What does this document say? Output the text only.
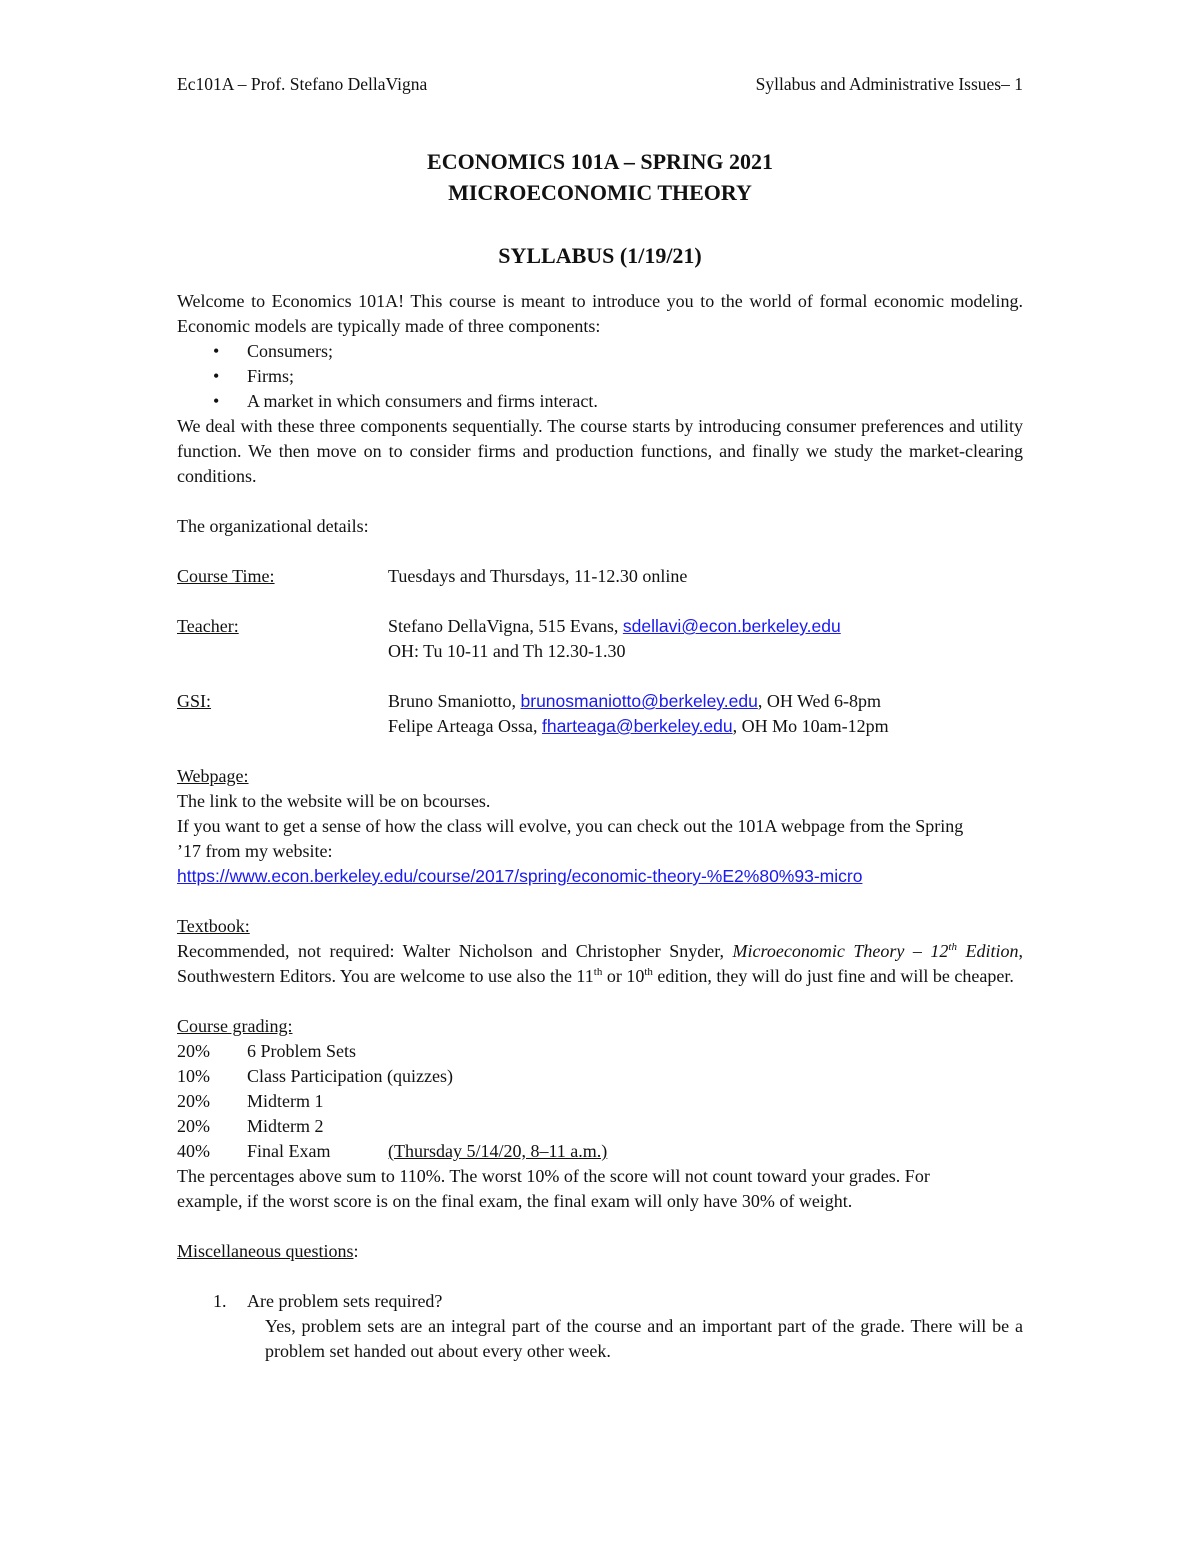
Ec101A – Prof. Stefano DellaVigna	Syllabus and Administrative Issues– 1
ECONOMICS 101A – SPRING 2021
MICROECONOMIC THEORY
SYLLABUS (1/19/21)

Welcome to Economics 101A! This course is meant to introduce you to the world of formal economic modeling. Economic models are typically made of three components:

• Consumers;
• Firms;
• A market in which consumers and firms interact.

We deal with these three components sequentially. The course starts by introducing consumer preferences and utility function. We then move on to consider firms and production functions, and finally we study the market-clearing conditions.

The organizational details:

Course Time:	Tuesdays and Thursdays, 11-12.30 online
Teacher:	Stefano DellaVigna, 515 Evans, sdellavi@econ.berkeley.edu
OH: Tu 10-11 and Th 12.30-1.30
GSI:	Bruno Smaniotto, brunosmaniotto@berkeley.edu, OH Wed 6-8pm
Felipe Arteaga Ossa, fharteaga@berkeley.edu, OH Mo 10am-12pm

Webpage:

The link to the website will be on bcourses.

If you want to get a sense of how the class will evolve, you can check out the 101A webpage from the Spring ’17 from my website:

https://www.econ.berkeley.edu/course/2017/spring/economic-theory-%E2%80%93-micro

Textbook:

Recommended, not required: Walter Nicholson and Christopher Snyder, Microeconomic Theory – 12th Edition, Southwestern Editors. You are welcome to use also the 11th or 10th edition, they will do just fine and will be cheaper.

Course grading:

20%	6 Problem Sets
10%	Class Participation (quizzes)
20%	Midterm 1
20%	Midterm 2
40%	Final Exam	(Thursday 5/14/20, 8–11 a.m.)

The percentages above sum to 110%. The worst 10% of the score will not count toward your grades. For example, if the worst score is on the final exam, the final exam will only have 30% of weight.

Miscellaneous questions:

1. Are problem sets required?

Yes, problem sets are an integral part of the course and an important part of the grade. There will be a problem set handed out about every other week.
